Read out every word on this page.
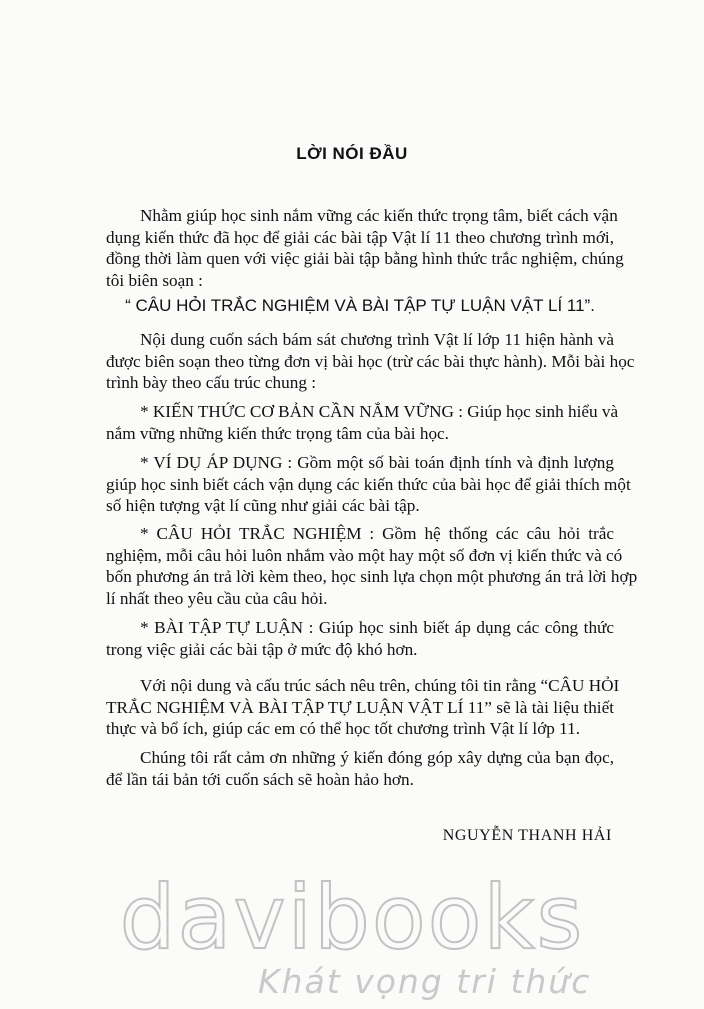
LỜI NÓI ĐẦU
Nhằm giúp học sinh nắm vững các kiến thức trọng tâm, biết cách vận
dụng kiến thức đã học để giải các bài tập Vật lí 11 theo chương trình mới,
đồng thời làm quen với việc giải bài tập bằng hình thức trắc nghiệm, chúng
tôi biên soạn :
“ CÂU HỎI TRẮC NGHIỆM VÀ BÀI TẬP TỰ LUẬN VẬT LÍ 11”.
Nội dung cuốn sách bám sát chương trình Vật lí lớp 11 hiện hành và
được biên soạn theo từng đơn vị bài học (trừ các bài thực hành). Mỗi bài học
trình bày theo cấu trúc chung :
* KIẾN THỨC CƠ BẢN CẦN NẮM VỮNG : Giúp học sinh hiểu và
nắm vững những kiến thức trọng tâm của bài học.
* VÍ DỤ ÁP DỤNG : Gồm một số bài toán định tính và định lượng
giúp học sinh biết cách vận dụng các kiến thức của bài học để giải thích một
số hiện tượng vật lí cũng như giải các bài tập.
* CÂU HỎI TRẮC NGHIỆM : Gồm hệ thống các câu hỏi trắc
nghiệm, mỗi câu hỏi luôn nhắm vào một hay một số đơn vị kiến thức và có
bốn phương án trả lời kèm theo, học sinh lựa chọn một phương án trả lời hợp
lí nhất theo yêu cầu của câu hỏi.
* BÀI TẬP TỰ LUẬN : Giúp học sinh biết áp dụng các công thức
trong việc giải các bài tập ở mức độ khó hơn.
Với nội dung và cấu trúc sách nêu trên, chúng tôi tin rằng “CÂU HỎI
TRẮC NGHIỆM VÀ BÀI TẬP TỰ LUẬN VẬT LÍ 11” sẽ là tài liệu thiết
thực và bổ ích, giúp các em có thể học tốt chương trình Vật lí lớp 11.
Chúng tôi rất cảm ơn những ý kiến đóng góp xây dựng của bạn đọc,
để lần tái bản tới cuốn sách sẽ hoàn hảo hơn.
NGUYỄN THANH HẢI
davibooks
Khát vọng tri thức
